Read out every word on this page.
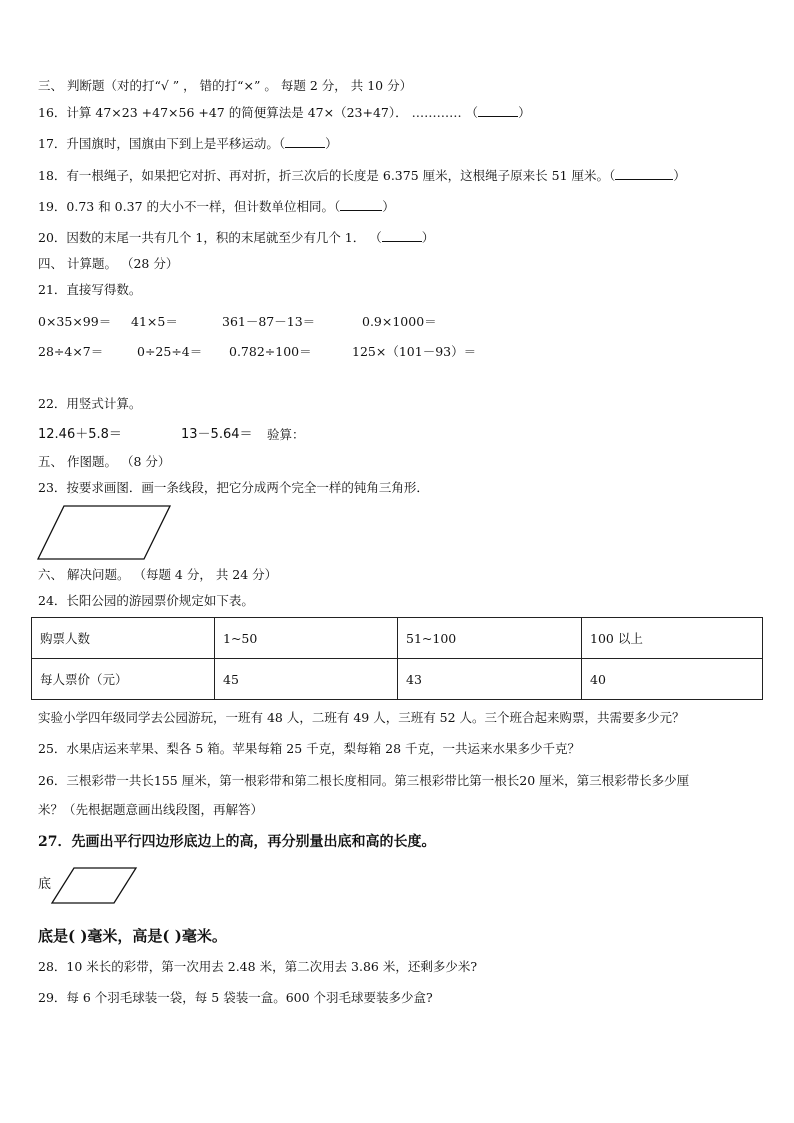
三、 判断题（对的打“√ ” ， 错的打“×” 。 每题 2 分， 共 10 分）
16．计算 47×23 +47×56 +47 的简便算法是 47×（23+47）． ………… （	）
17．升国旗时，国旗由下到上是平移运动。（	）
18．有一根绳子，如果把它对折、再对折，折三次后的长度是 6.375 厘米，这根绳子原来长 51 厘米。（	）
19．0.73 和 0.37 的大小不一样，但计数单位相同。（	）
20．因数的末尾一共有几个 1，积的末尾就至少有几个 1． （	）
四、 计算题。 （28 分）
21．直接写得数。
0×35×99＝ 41×5＝	361－87－13＝	0.9×1000＝
28÷4×7＝	0÷25÷4＝ 0.782÷100＝	125×（101－93）＝
22．用竖式计算。
12.46＋5.8＝	13－5.64＝ 验算：
五、 作图题。 （8 分）
23．按要求画图．画一条线段，把它分成两个完全一样的钝角三角形．
六、 解决问题。 （每题 4 分， 共 24 分）
24．长阳公园的游园票价规定如下表。
购票人数	1~50	51~100	100 以上
每人票价（元）	45	43	40
实验小学四年级同学去公园游玩，一班有 48 人，二班有 49 人，三班有 52 人。三个班合起来购票，共需要多少元？
25．水果店运来苹果、梨各 5 箱。苹果每箱 25 千克，梨每箱 28 千克，一共运来水果多少千克？
26．三根彩带一共长155 厘米，第一根彩带和第二根长度相同。第三根彩带比第一根长20 厘米，第三根彩带长多少厘
米？（先根据题意画出线段图，再解答）
27．先画出平行四边形底边上的高，再分别量出底和高的长度。
底
底是( )毫米，高是( )毫米。
28．10 米长的彩带，第一次用去 2.48 米，第二次用去 3.86 米，还剩多少米?
29．每 6 个羽毛球装一袋，每 5 袋装一盒。600 个羽毛球要装多少盒?
